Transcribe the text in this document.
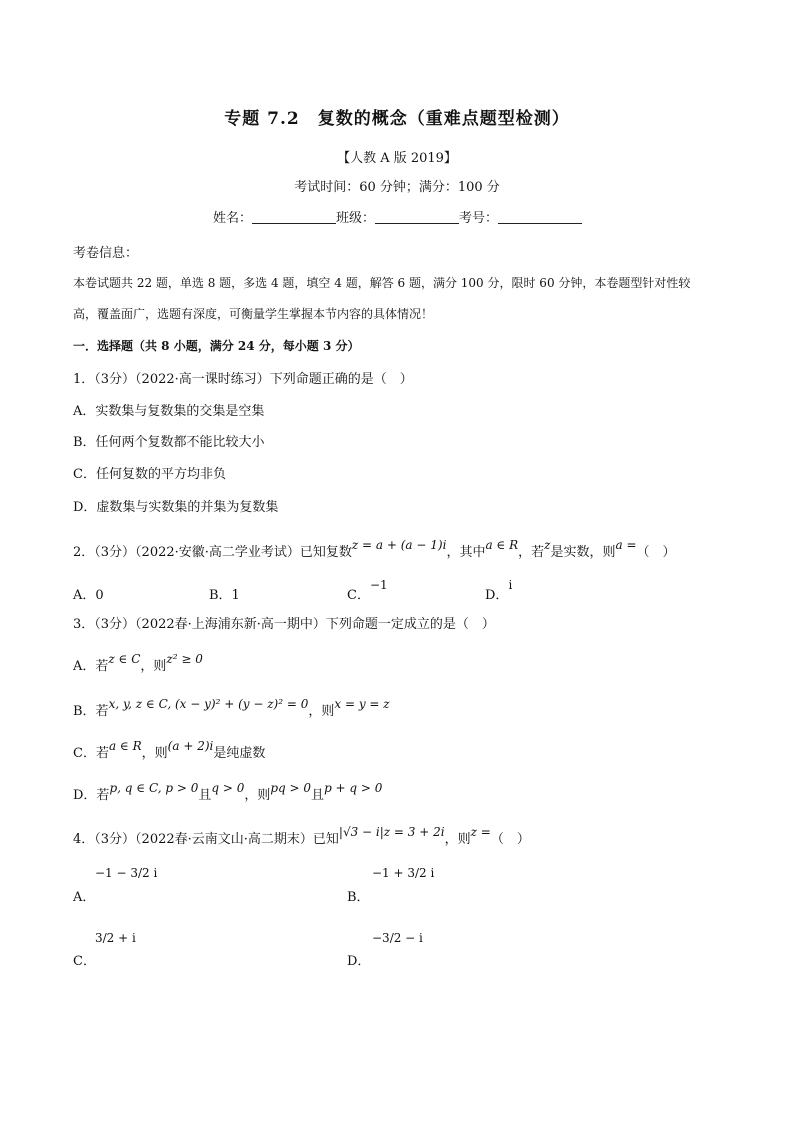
专题 7.2　复数的概念（重难点题型检测）
【人教 A 版 2019】
考试时间：60 分钟；满分：100 分
姓名：	班级：	考号：
考卷信息：
本卷试题共 22 题，单选 8 题，多选 4 题，填空 4 题，解答 6 题，满分 100 分，限时 60 分钟，本卷题型针对性较
高，覆盖面广，选题有深度，可衡量学生掌握本节内容的具体情况！
一．选择题（共 8 小题，满分 24 分，每小题 3 分）
1．（3分）（2022·高一课时练习）下列命题正确的是（　）
A．实数集与复数集的交集是空集
B．任何两个复数都不能比较大小
C．任何复数的平方均非负
D．虚数集与实数集的并集为复数集
2．（3分）（2022·安徽·高二学业考试）已知复数z = a + (a − 1)i，其中a ∈ R，若z是实数，则a =（　）
A．0	B．1	C．−1
D．i
3．（3分）（2022春·上海浦东新·高一期中）下列命题一定成立的是（　）
A．若z ∈ C，则z² ≥ 0
B．若x, y, z ∈ C, (x − y)² + (y − z)² = 0，则x = y = z
C．若a ∈ R，则(a + 2)i是纯虚数
D．若p, q ∈ C, p > 0且q > 0，则pq > 0且p + q > 0
4．（3分）（2022春·云南文山·高二期末）已知|√3 − i|z = 3 + 2i，则z =（　）
A．
−1 − 3/2 i
B．
−1 + 3/2 i
C．
3/2 + i
D．
−3/2 − i
